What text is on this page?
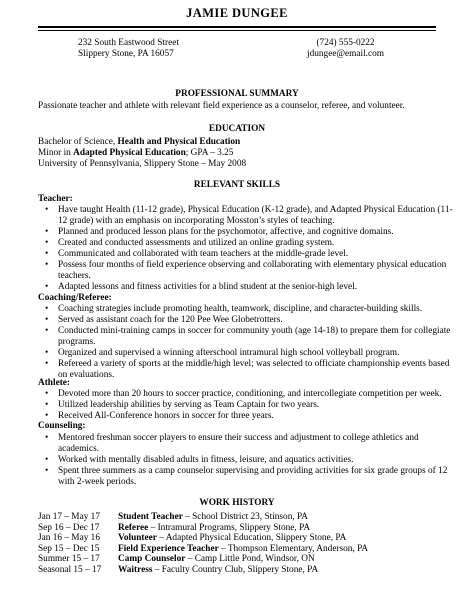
JAMIE DUNGEE
232 South Eastwood Street
Slippery Stone, PA 16057
(724) 555-0222
jdungee@email.com
PROFESSIONAL SUMMARY
Passionate teacher and athlete with relevant field experience as a counselor, referee, and volunteer.
EDUCATION
Bachelor of Science, Health and Physical Education
Minor in Adapted Physical Education; GPA – 3.25
University of Pennsylvania, Slippery Stone – May 2008
RELEVANT SKILLS
Teacher:
• Have taught Health (11-12 grade), Physical Education (K-12 grade), and Adapted Physical Education (11-12 grade) with an emphasis on incorporating Mosston’s styles of teaching.
• Planned and produced lesson plans for the psychomotor, affective, and cognitive domains.
• Created and conducted assessments and utilized an online grading system.
• Communicated and collaborated with team teachers at the middle-grade level.
• Possess four months of field experience observing and collaborating with elementary physical education teachers.
• Adapted lessons and fitness activities for a blind student at the senior-high level.
Coaching/Referee:
• Coaching strategies include promoting health, teamwork, discipline, and character-building skills.
• Served as assistant coach for the 120 Pee Wee Globetrotters.
• Conducted mini-training camps in soccer for community youth (age 14-18) to prepare them for collegiate programs.
• Organized and supervised a winning afterschool intramural high school volleyball program.
• Refereed a variety of sports at the middle/high level; was selected to officiate championship events based on evaluations.
Athlete:
• Devoted more than 20 hours to soccer practice, conditioning, and intercollegiate competition per week.
• Utilized leadership abilities by serving as Team Captain for two years.
• Received All-Conference honors in soccer for three years.
Counseling:
• Mentored freshman soccer players to ensure their success and adjustment to college athletics and academics.
• Worked with mentally disabled adults in fitness, leisure, and aquatics activities.
• Spent three summers as a camp counselor supervising and providing activities for six grade groups of 12 with 2-week periods.
WORK HISTORY
Jan 17 – May 17	Student Teacher – School District 23, Stinson, PA
Sep 16 – Dec 17	Referee – Intramural Programs, Slippery Stone, PA
Jan 16 – May 16	Volunteer – Adapted Physical Education, Slippery Stone, PA
Sep 15 – Dec 15	Field Experience Teacher – Thompson Elementary, Anderson, PA
Summer 15 – 17	Camp Counselor – Camp Little Pond, Windsor, ON
Seasonal 15 – 17	Waitress – Faculty Country Club, Slippery Stone, PA
